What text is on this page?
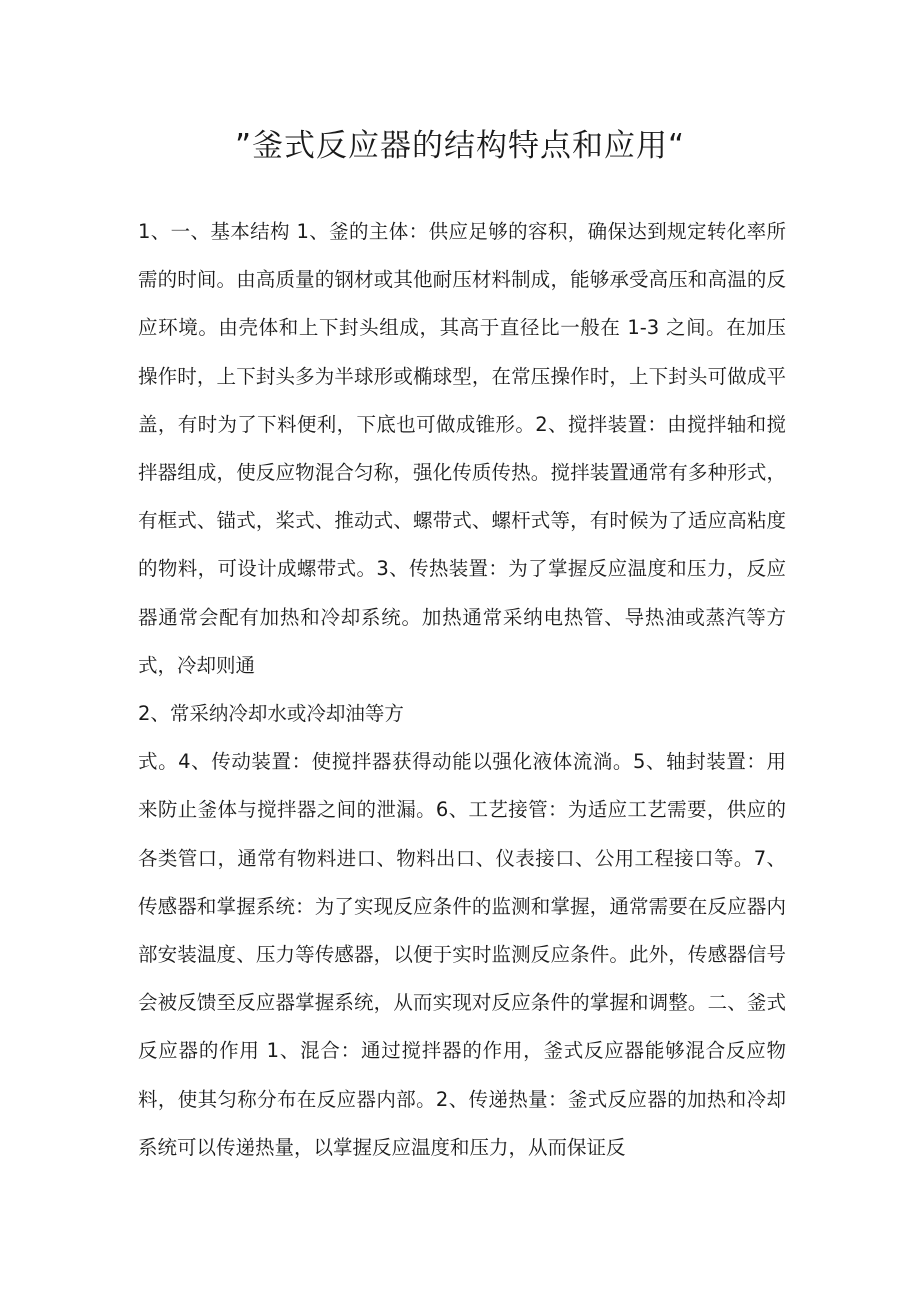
”釜式反应器的结构特点和应用“

1、一、基本结构 1、釜的主体：供应足够的容积，确保达到规定转化率所需的时间。由高质量的钢材或其他耐压材料制成，能够承受高压和高温的反应环境。由壳体和上下封头组成，其高于直径比一般在 1-3 之间。在加压操作时，上下封头多为半球形或椭球型，在常压操作时，上下封头可做成平盖，有时为了下料便利，下底也可做成锥形。2、搅拌装置：由搅拌轴和搅拌器组成，使反应物混合匀称，强化传质传热。搅拌装置通常有多种形式，有框式、锚式，桨式、推动式、螺带式、螺杆式等，有时候为了适应高粘度的物料，可设计成螺带式。3、传热装置：为了掌握反应温度和压力，反应器通常会配有加热和冷却系统。加热通常采纳电热管、导热油或蒸汽等方式，冷却则通

2、常采纳冷却水或冷却油等方

式。4、传动装置：使搅拌器获得动能以强化液体流淌。5、轴封装置：用来防止釜体与搅拌器之间的泄漏。6、工艺接管：为适应工艺需要，供应的各类管口，通常有物料进口、物料出口、仪表接口、公用工程接口等。7、传感器和掌握系统：为了实现反应条件的监测和掌握，通常需要在反应器内部安装温度、压力等传感器，以便于实时监测反应条件。此外，传感器信号会被反馈至反应器掌握系统，从而实现对反应条件的掌握和调整。二、釜式反应器的作用 1、混合：通过搅拌器的作用，釜式反应器能够混合反应物料，使其匀称分布在反应器内部。2、传递热量：釜式反应器的加热和冷却系统可以传递热量，以掌握反应温度和压力，从而保证反
